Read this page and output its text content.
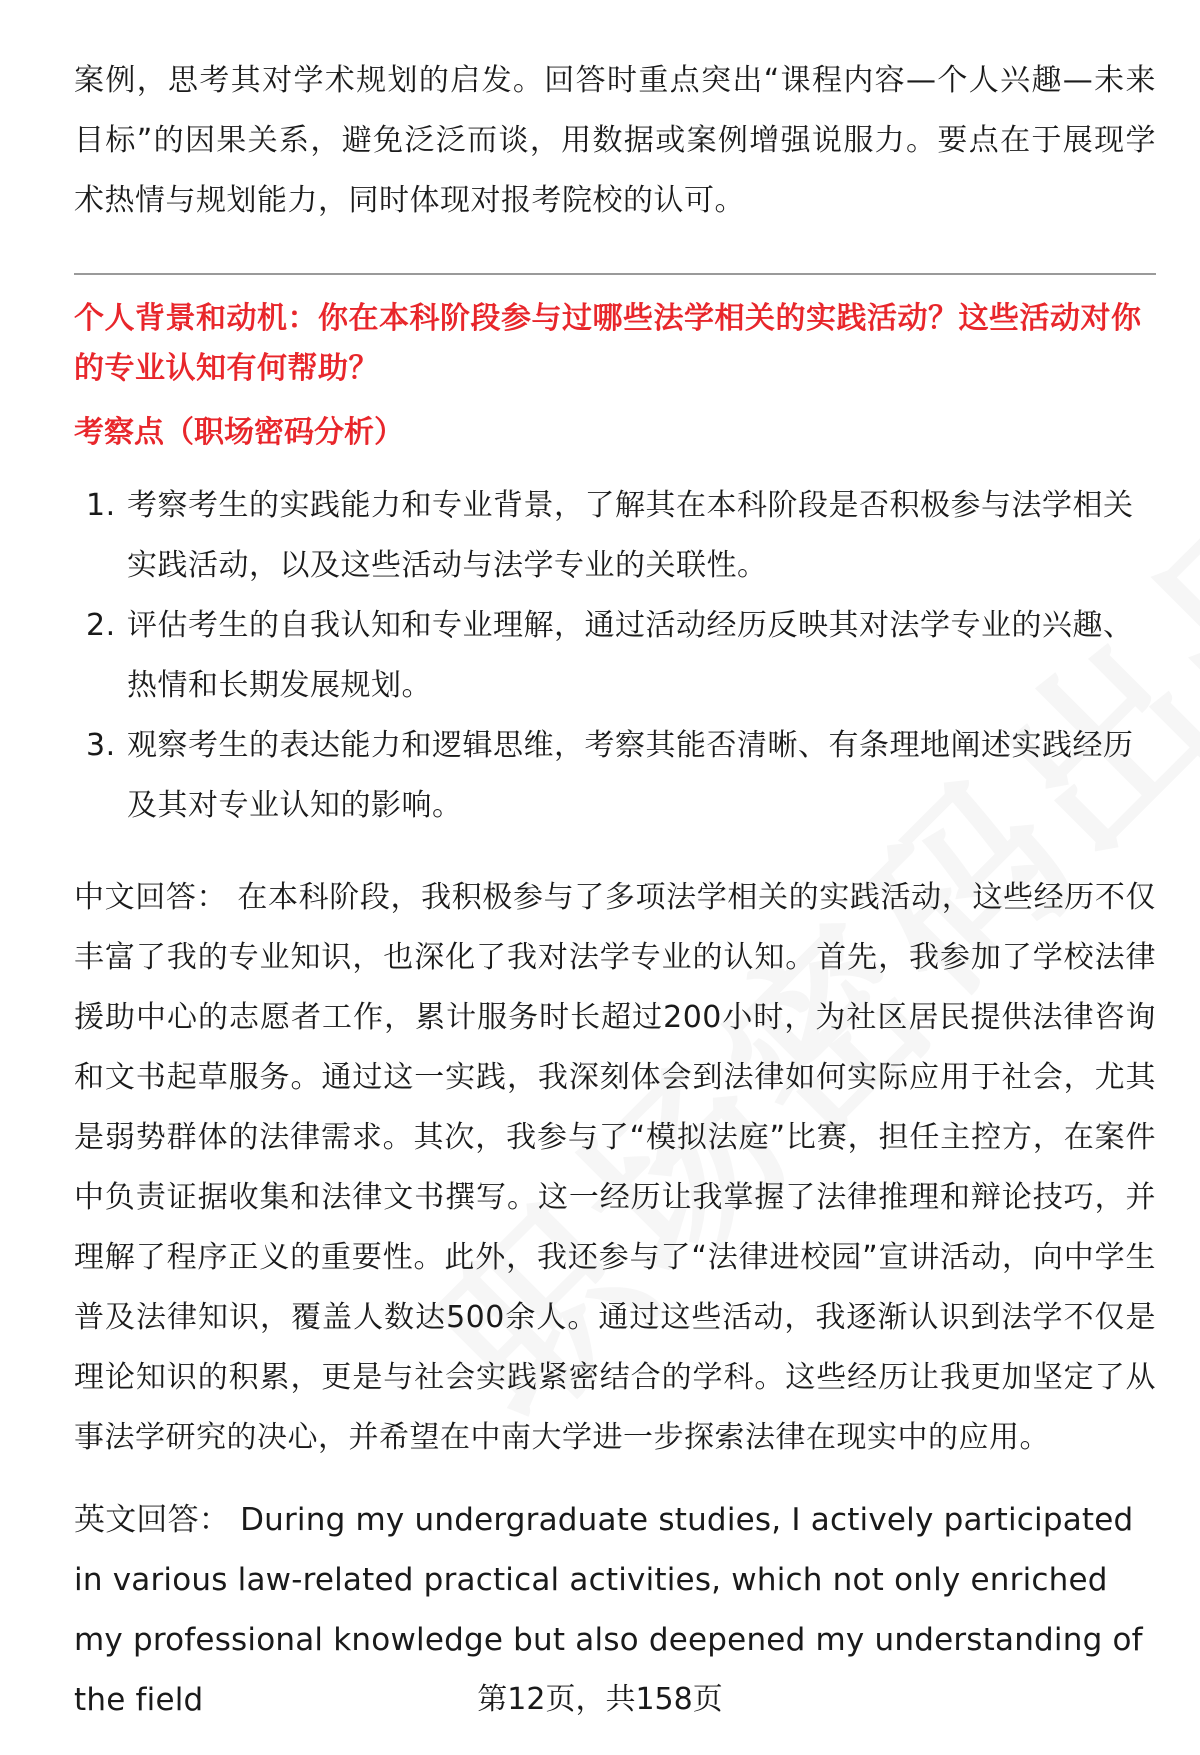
案例，思考其对学术规划的启发。回答时重点突出“课程内容—个人兴趣—未来目标”的因果关系，避免泛泛而谈，用数据或案例增强说服力。要点在于展现学术热情与规划能力，同时体现对报考院校的认可。

个人背景和动机：你在本科阶段参与过哪些法学相关的实践活动？这些活动对你的专业认知有何帮助？

考察点（职场密码分析）

1. 考察考生的实践能力和专业背景，了解其在本科阶段是否积极参与法学相关实践活动，以及这些活动与法学专业的关联性。
2. 评估考生的自我认知和专业理解，通过活动经历反映其对法学专业的兴趣、热情和长期发展规划。
3. 观察考生的表达能力和逻辑思维，考察其能否清晰、有条理地阐述实践经历及其对专业认知的影响。

中文回答： 在本科阶段，我积极参与了多项法学相关的实践活动，这些经历不仅丰富了我的专业知识，也深化了我对法学专业的认知。首先，我参加了学校法律援助中心的志愿者工作，累计服务时长超过200小时，为社区居民提供法律咨询和文书起草服务。通过这一实践，我深刻体会到法律如何实际应用于社会，尤其是弱势群体的法律需求。其次，我参与了“模拟法庭”比赛，担任主控方，在案件中负责证据收集和法律文书撰写。这一经历让我掌握了法律推理和辩论技巧，并理解了程序正义的重要性。此外，我还参与了“法律进校园”宣讲活动，向中学生普及法律知识，覆盖人数达500余人。通过这些活动，我逐渐认识到法学不仅是理论知识的积累，更是与社会实践紧密结合的学科。这些经历让我更加坚定了从事法学研究的决心，并希望在中南大学进一步探索法律在现实中的应用。

英文回答： During my undergraduate studies, I actively participated in various law-related practical activities, which not only enriched my professional knowledge but also deepened my understanding of the field	第12页，共158页
